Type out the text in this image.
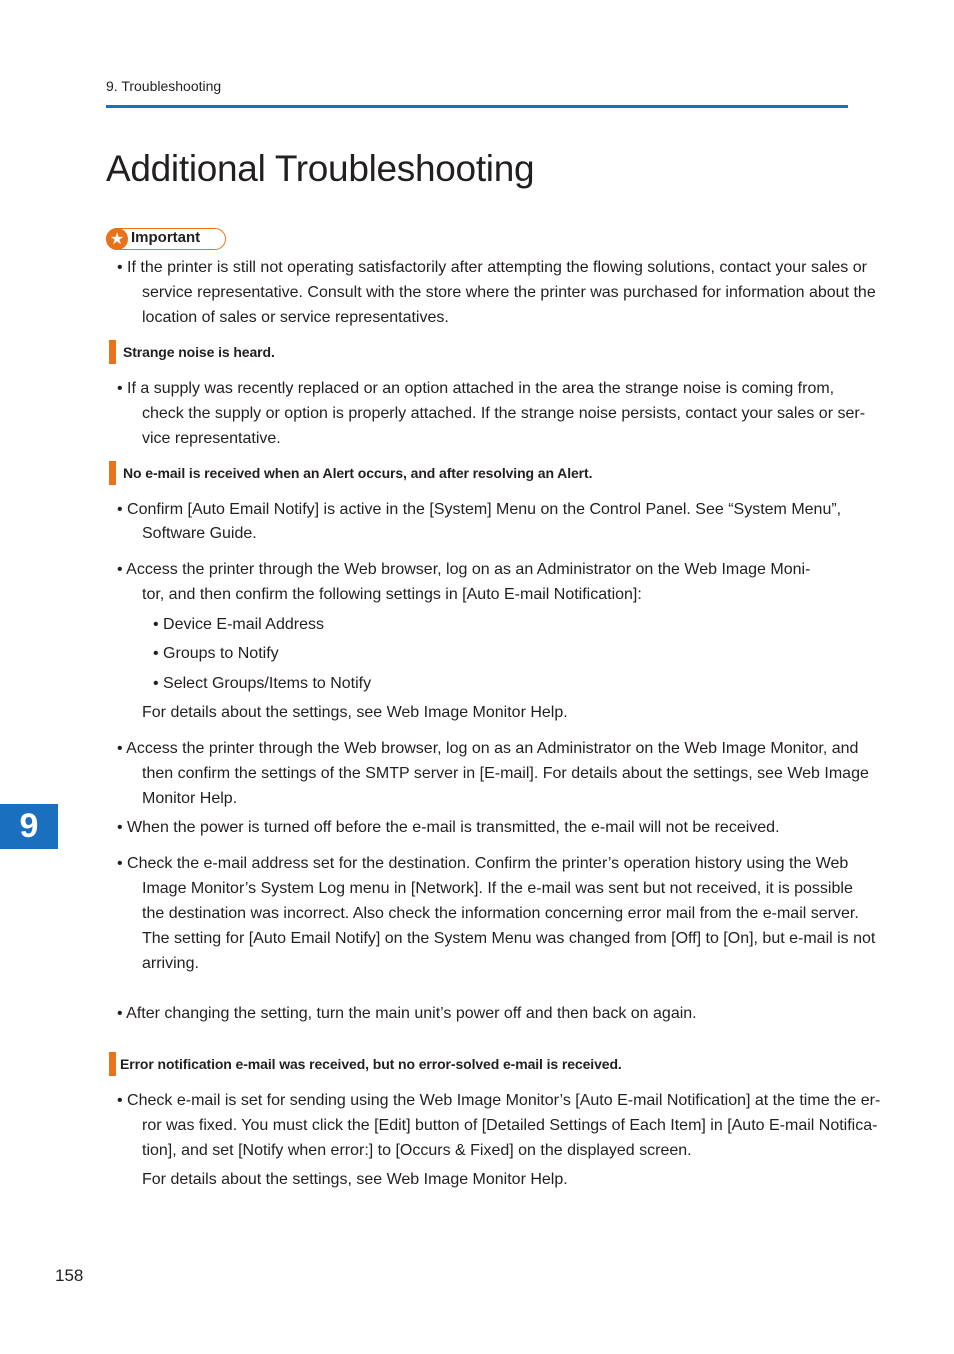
9. Troubleshooting
Additional Troubleshooting
★ Important
• If the printer is still not operating satisfactorily after attempting the flowing solutions, contact your sales or
service representative. Consult with the store where the printer was purchased for information about the
location of sales or service representatives.
Strange noise is heard.
• If a supply was recently replaced or an option attached in the area the strange noise is coming from,
check the supply or option is properly attached. If the strange noise persists, contact your sales or ser-
vice representative.
No e-mail is received when an Alert occurs, and after resolving an Alert.
• Confirm [Auto Email Notify] is active in the [System] Menu on the Control Panel. See “System Menu”,
Software Guide.
• Access the printer through the Web browser, log on as an Administrator on the Web Image Moni-
tor, and then confirm the following settings in [Auto E-mail Notification]:
• Device E-mail Address
• Groups to Notify
• Select Groups/Items to Notify
For details about the settings, see Web Image Monitor Help.
• Access the printer through the Web browser, log on as an Administrator on the Web Image Monitor, and
then confirm the settings of the SMTP server in [E-mail]. For details about the settings, see Web Image
Monitor Help.
• When the power is turned off before the e-mail is transmitted, the e-mail will not be received.
• Check the e-mail address set for the destination. Confirm the printer’s operation history using the Web
Image Monitor’s System Log menu in [Network]. If the e-mail was sent but not received, it is possible
the destination was incorrect. Also check the information concerning error mail from the e-mail server.
The setting for [Auto Email Notify] on the System Menu was changed from [Off] to [On], but e-mail is not
arriving.
• After changing the setting, turn the main unit’s power off and then back on again.
Error notification e-mail was received, but no error-solved e-mail is received.
• Check e-mail is set for sending using the Web Image Monitor’s [Auto E-mail Notification] at the time the er-
ror was fixed. You must click the [Edit] button of [Detailed Settings of Each Item] in [Auto E-mail Notifica-
tion], and set [Notify when error:] to [Occurs & Fixed] on the displayed screen.
For details about the settings, see Web Image Monitor Help.
9
158
